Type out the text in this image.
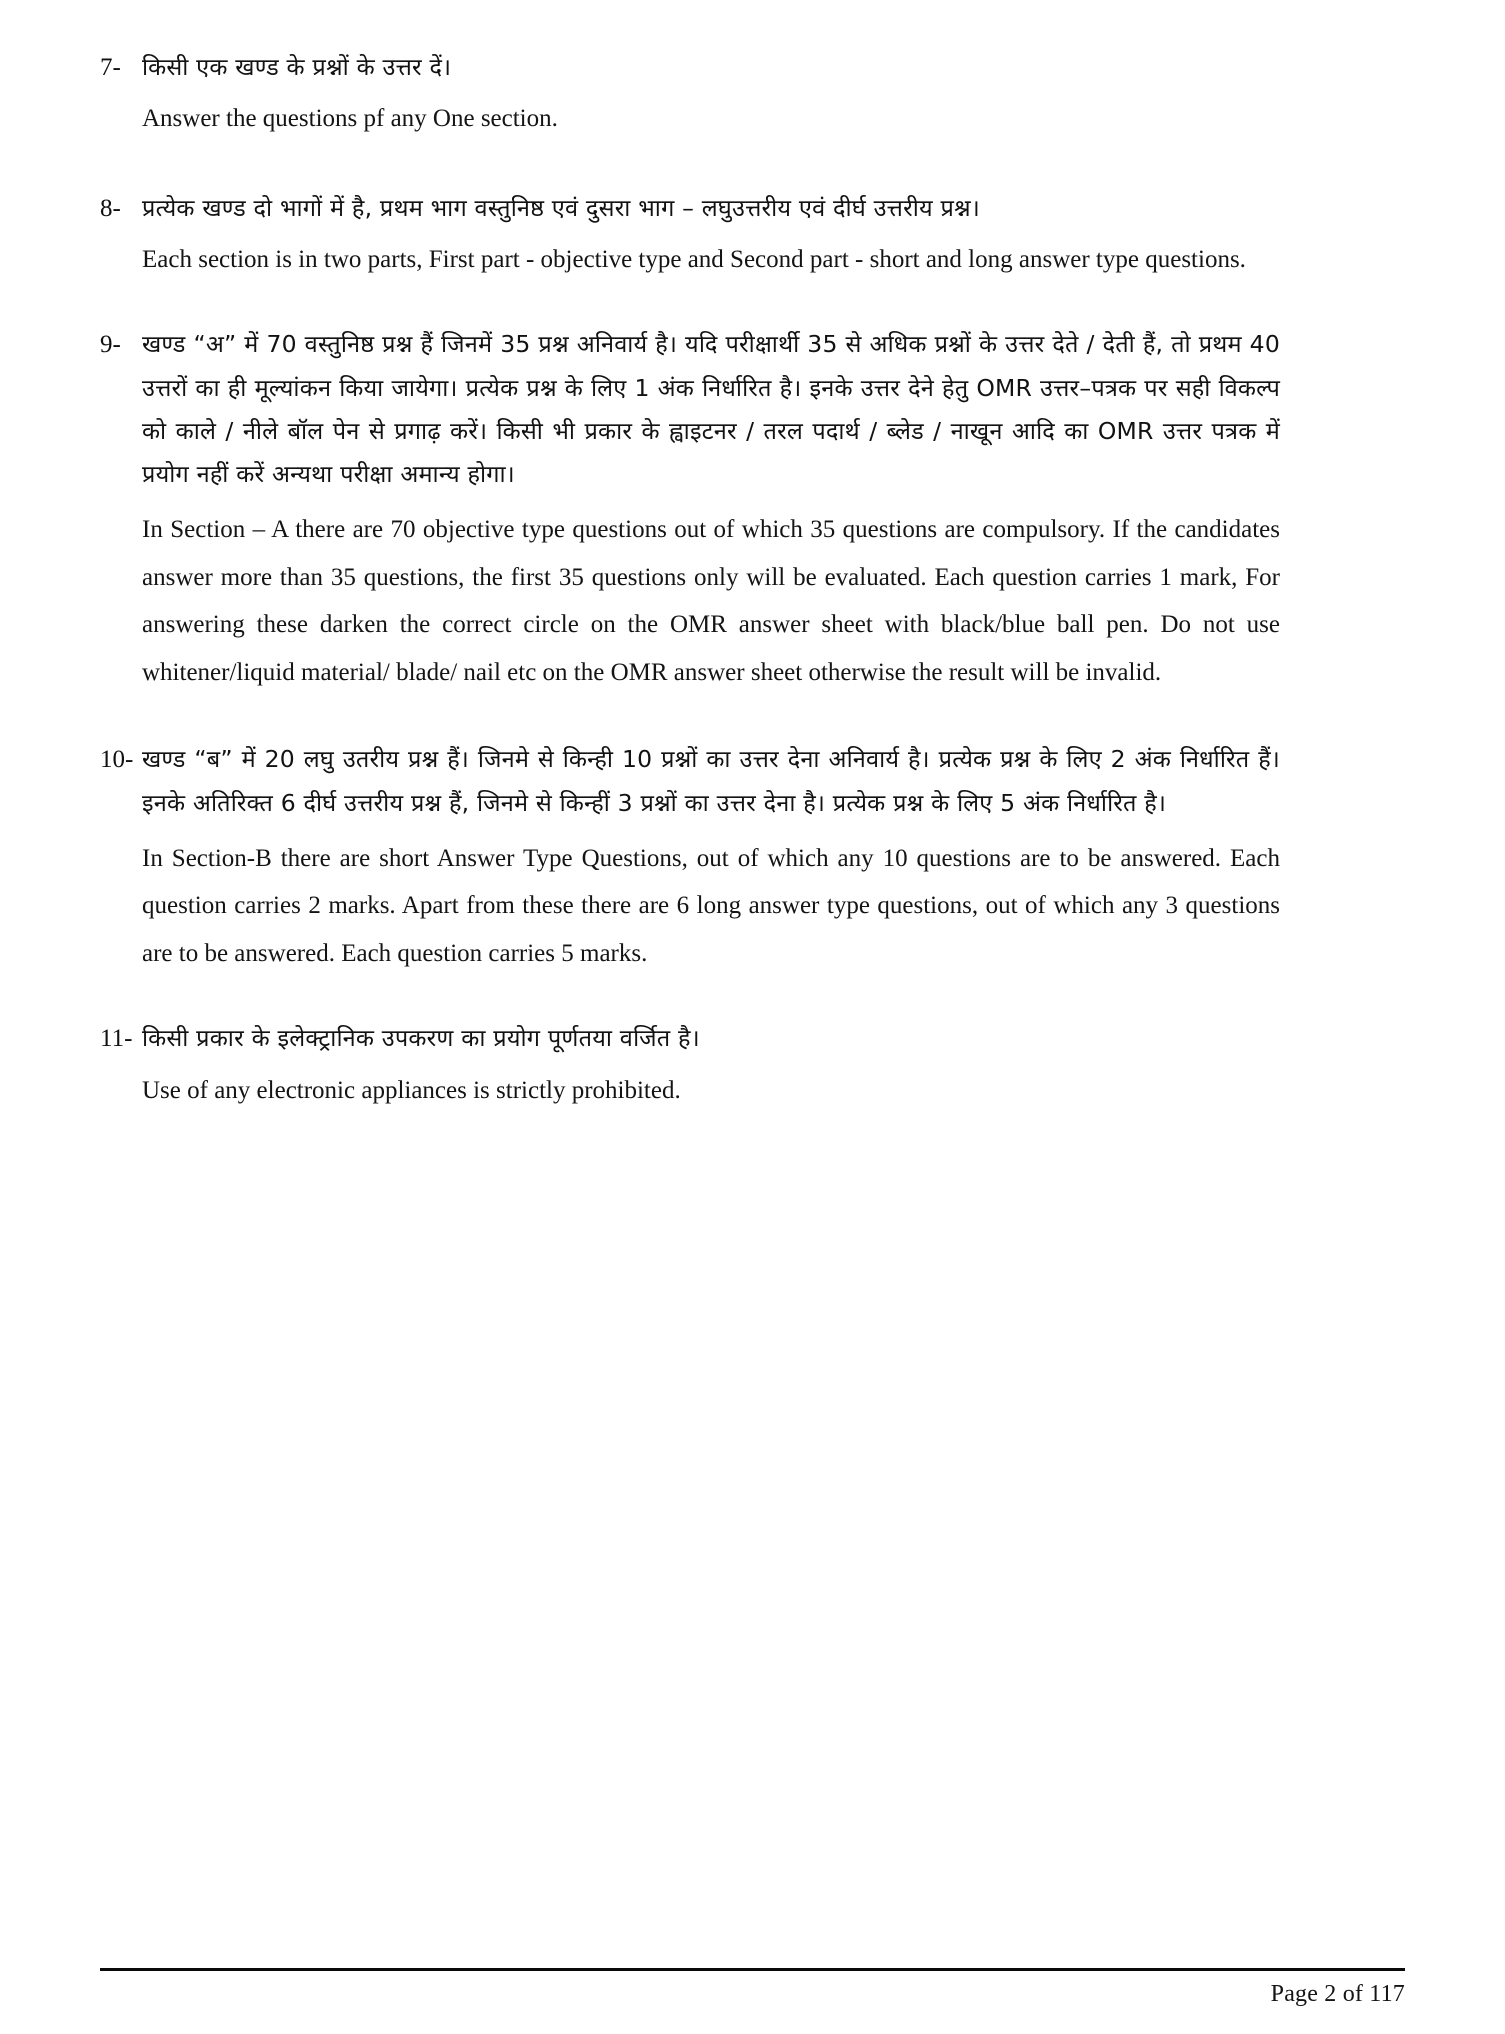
7- किसी एक खण्ड के प्रश्नों के उत्तर दें।

Answer the questions pf any One section.

8- प्रत्येक खण्ड दो भागों में है, प्रथम भाग वस्तुनिष्ठ एवं दुसरा भाग – लघुउत्तरीय एवं दीर्घ उत्तरीय प्रश्न।

Each section is in two parts, First part - objective type and Second part - short and long answer type questions.

9- खण्ड “अ” में 70 वस्तुनिष्ठ प्रश्न हैं जिनमें 35 प्रश्न अनिवार्य है। यदि परीक्षार्थी 35 से अधिक प्रश्नों के उत्तर देते / देती हैं, तो प्रथम 40 उत्तरों का ही मूल्यांकन किया जायेगा। प्रत्येक प्रश्न के लिए 1 अंक निर्धारित है। इनके उत्तर देने हेतु OMR उत्तर–पत्रक पर सही विकल्प को काले / नीले बॉल पेन से प्रगाढ़ करें। किसी भी प्रकार के ह्वाइटनर / तरल पदार्थ / ब्लेड / नाखून आदि का OMR उत्तर पत्रक में प्रयोग नहीं करें अन्यथा परीक्षा अमान्य होगा।

In Section – A there are 70 objective type questions out of which 35 questions are compulsory. If the candidates answer more than 35 questions, the first 35 questions only will be evaluated. Each question carries 1 mark, For answering these darken the correct circle on the OMR answer sheet with black/blue ball pen. Do not use whitener/liquid material/ blade/ nail etc on the OMR answer sheet otherwise the result will be invalid.

10- खण्ड “ब” में 20 लघु उतरीय प्रश्न हैं। जिनमे से किन्ही 10 प्रश्नों का उत्तर देना अनिवार्य है। प्रत्येक प्रश्न के लिए 2 अंक निर्धारित हैं। इनके अतिरिक्त 6 दीर्घ उत्तरीय प्रश्न हैं, जिनमे से किन्हीं 3 प्रश्नों का उत्तर देना है। प्रत्येक प्रश्न के लिए 5 अंक निर्धारित है।

In Section-B there are short Answer Type Questions, out of which any 10 questions are to be answered. Each question carries 2 marks. Apart from these there are 6 long answer type questions, out of which any 3 questions are to be answered. Each question carries 5 marks.

11- किसी प्रकार के इलेक्ट्रानिक उपकरण का प्रयोग पूर्णतया वर्जित है।

Use of any electronic appliances is strictly prohibited.

Page 2 of 117
